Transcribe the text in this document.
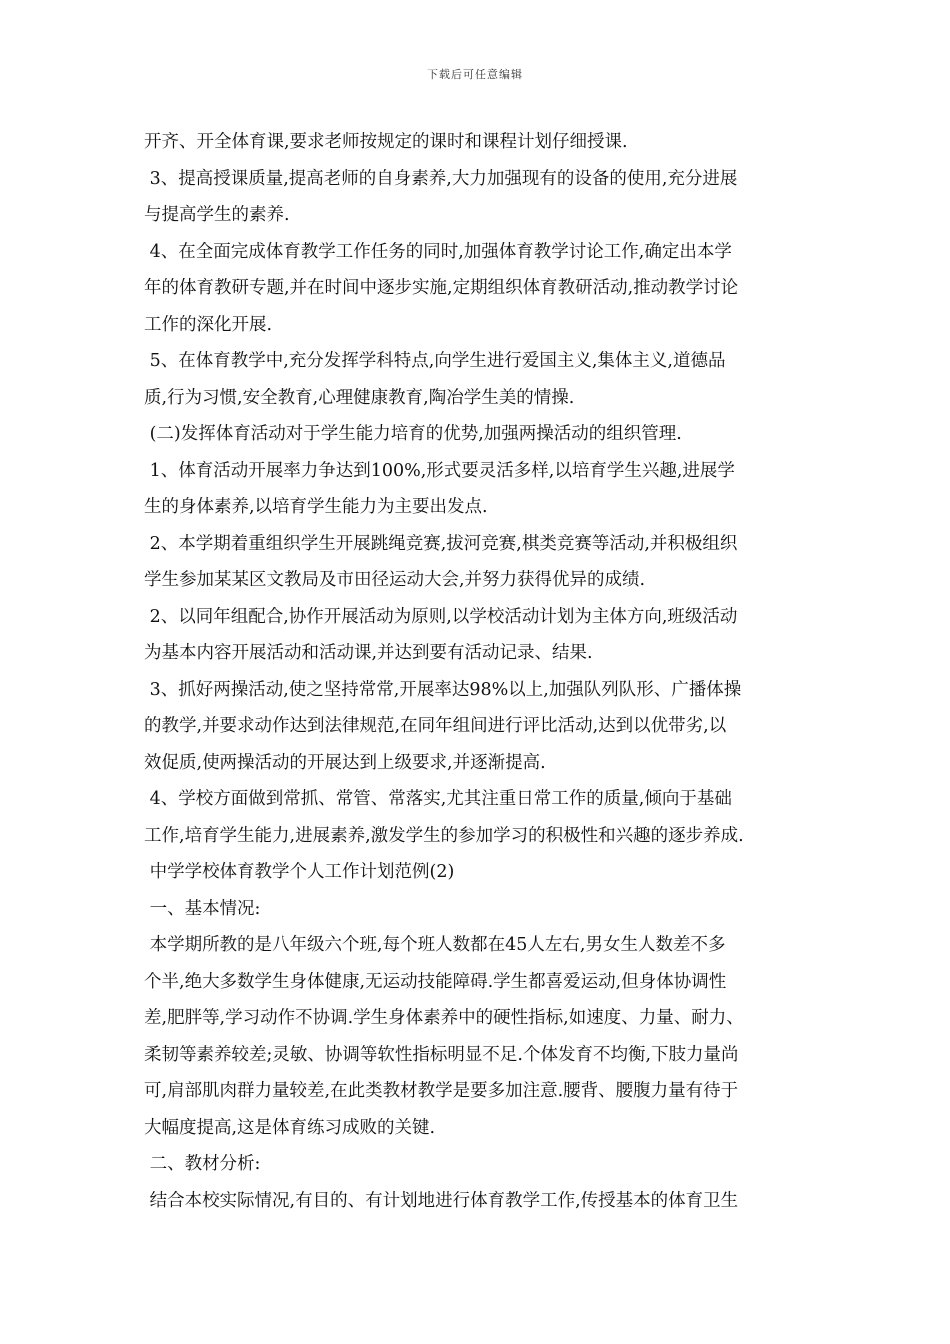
下载后可任意编辑
开齐、开全体育课,要求老师按规定的课时和课程计划仔细授课.
3、提高授课质量,提高老师的自身素养,大力加强现有的设备的使用,充分进展
与提高学生的素养.
4、在全面完成体育教学工作任务的同时,加强体育教学讨论工作,确定出本学
年的体育教研专题,并在时间中逐步实施,定期组织体育教研活动,推动教学讨论
工作的深化开展.
5、在体育教学中,充分发挥学科特点,向学生进行爱国主义,集体主义,道德品
质,行为习惯,安全教育,心理健康教育,陶冶学生美的情操.
(二)发挥体育活动对于学生能力培育的优势,加强两操活动的组织管理.
1、体育活动开展率力争达到100%,形式要灵活多样,以培育学生兴趣,进展学
生的身体素养,以培育学生能力为主要出发点.
2、本学期着重组织学生开展跳绳竞赛,拔河竞赛,棋类竞赛等活动,并积极组织
学生参加某某区文教局及市田径运动大会,并努力获得优异的成绩.
2、以同年组配合,协作开展活动为原则,以学校活动计划为主体方向,班级活动
为基本内容开展活动和活动课,并达到要有活动记录、结果.
3、抓好两操活动,使之坚持常常,开展率达98%以上,加强队列队形、广播体操
的教学,并要求动作达到法律规范,在同年组间进行评比活动,达到以优带劣,以
效促质,使两操活动的开展达到上级要求,并逐渐提高.
4、学校方面做到常抓、常管、常落实,尤其注重日常工作的质量,倾向于基础
工作,培育学生能力,进展素养,激发学生的参加学习的积极性和兴趣的逐步养成.
中学学校体育教学个人工作计划范例(2)
一、基本情况:
本学期所教的是八年级六个班,每个班人数都在45人左右,男女生人数差不多
个半,绝大多数学生身体健康,无运动技能障碍.学生都喜爱运动,但身体协调性
差,肥胖等,学习动作不协调.学生身体素养中的硬性指标,如速度、力量、耐力、
柔韧等素养较差;灵敏、协调等软性指标明显不足.个体发育不均衡,下肢力量尚
可,肩部肌肉群力量较差,在此类教材教学是要多加注意.腰背、腰腹力量有待于
大幅度提高,这是体育练习成败的关键.
二、教材分析:
结合本校实际情况,有目的、有计划地进行体育教学工作,传授基本的体育卫生
